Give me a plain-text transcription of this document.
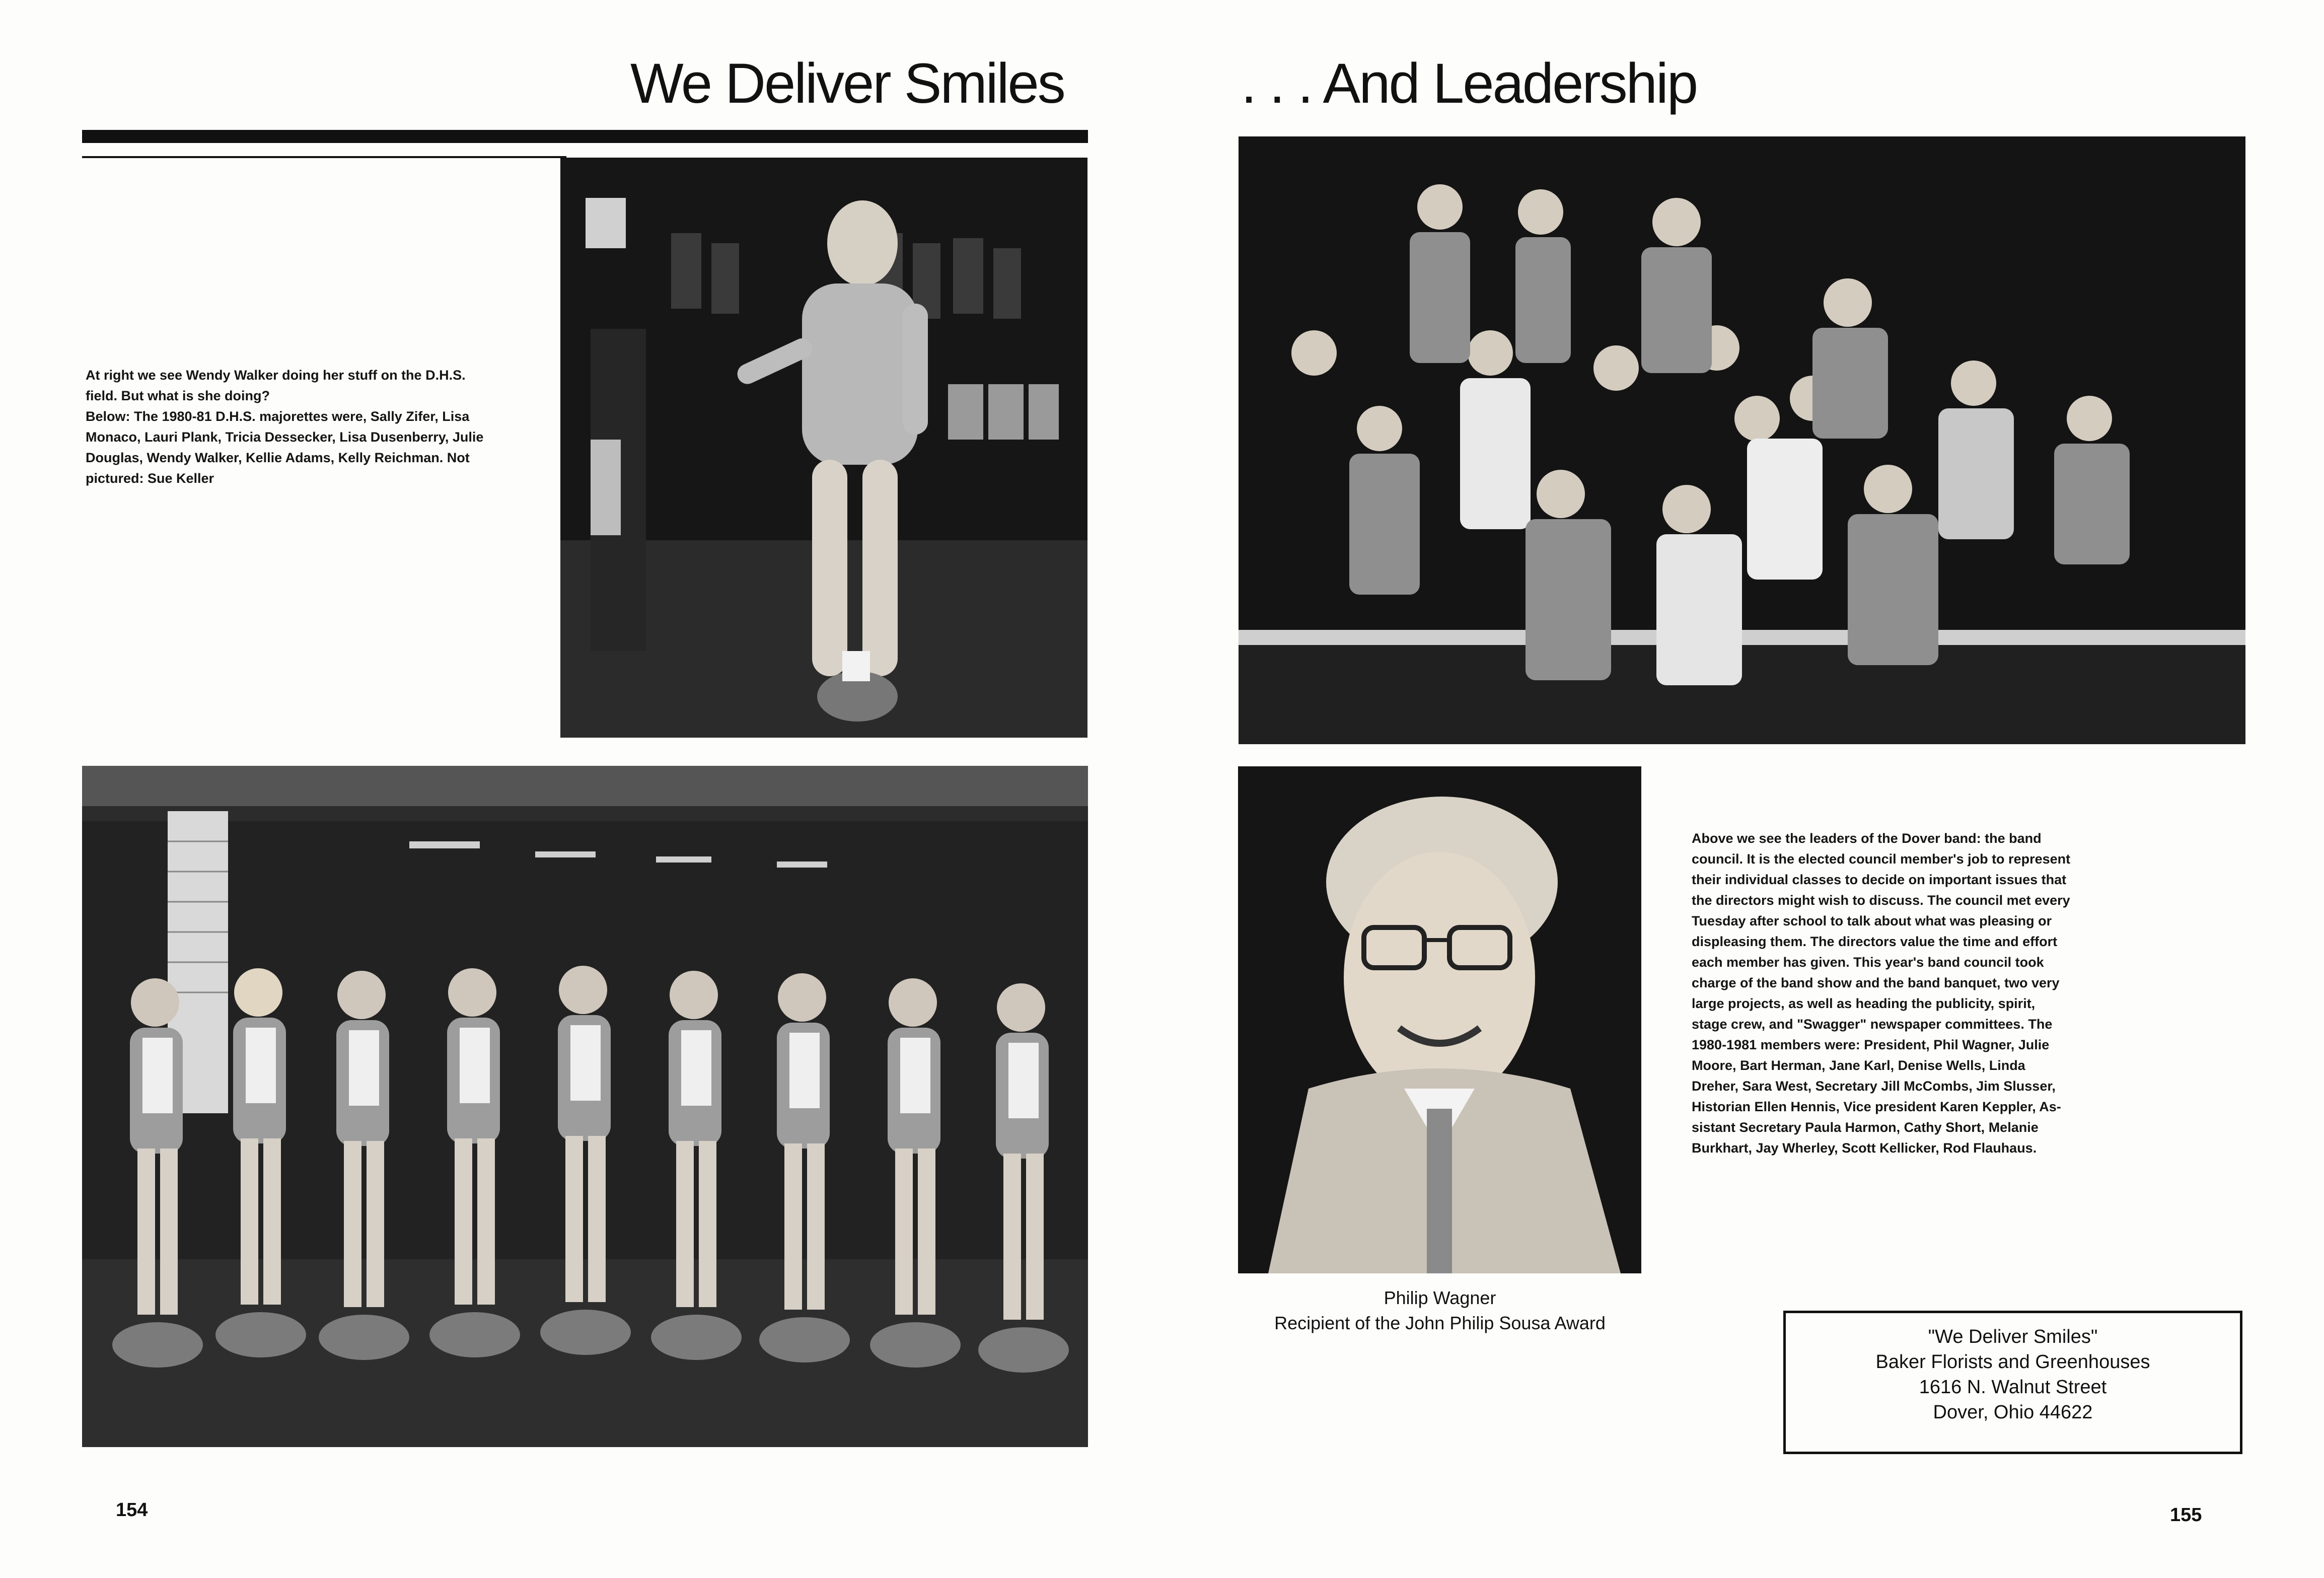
We Deliver Smiles

At right we see Wendy Walker doing her stuff on the D.H.S.

field. But what is she doing?

Below: The 1980-81 D.H.S. majorettes were, Sally Zifer, Lisa

Monaco, Lauri Plank, Tricia Dessecker, Lisa Dusenberry, Julie

Douglas, Wendy Walker, Kellie Adams, Kelly Reichman. Not

pictured: Sue Keller

154
. . . And Leadership
Philip Wagner
Recipient of the John Philip Sousa Award

Above we see the leaders of the Dover band: the band

council. It is the elected council member's job to represent

their individual classes to decide on important issues that

the directors might wish to discuss. The council met every

Tuesday after school to talk about what was pleasing or

displeasing them. The directors value the time and effort

each member has given. This year's band council took

charge of the band show and the band banquet, two very

large projects, as well as heading the publicity, spirit,

stage crew, and "Swagger" newspaper committees. The

1980-1981 members were: President, Phil Wagner, Julie

Moore, Bart Herman, Jane Karl, Denise Wells, Linda

Dreher, Sara West, Secretary Jill McCombs, Jim Slusser,

Historian Ellen Hennis, Vice president Karen Keppler, As-

sistant Secretary Paula Harmon, Cathy Short, Melanie

Burkhart, Jay Wherley, Scott Kellicker, Rod Flauhaus.

"We Deliver Smiles"
Baker Florists and Greenhouses
1616 N. Walnut Street
Dover, Ohio 44622
155
